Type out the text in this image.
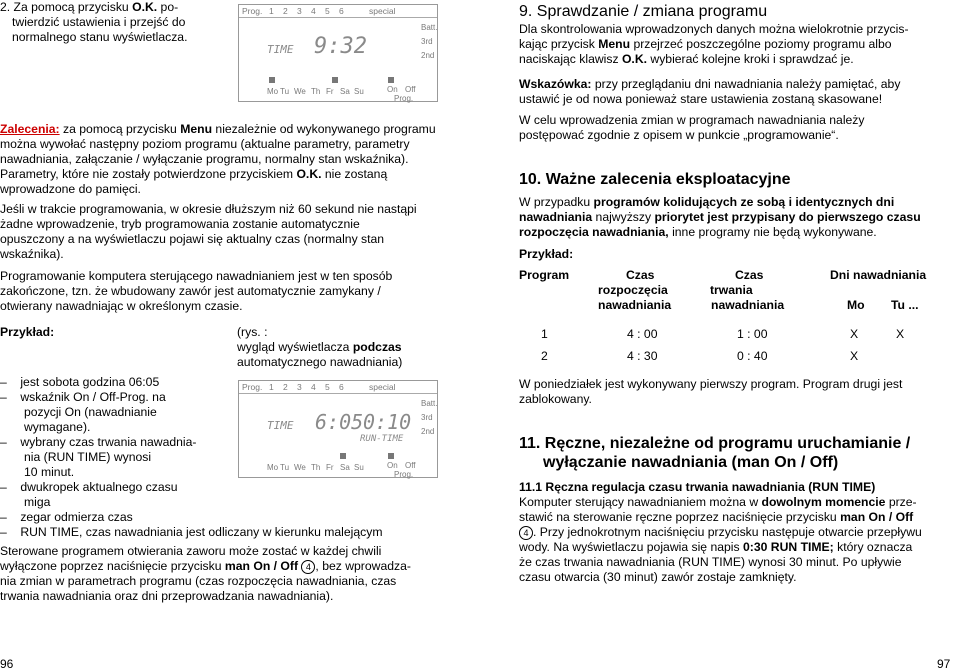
2. Za pomocą przycisku O.K. po-

twierdzić ustawienia i przejść do

normalnego stanu wyświetlacza.

Prog. 1 2 3 4 5 6	special
Batt.
3rd
2nd
TIME 9:32
Mo Tu We Th Fr Sa Su	On Off
Prog.

Zalecenia: za pomocą przycisku Menu niezależnie od wykonywanego programu można wywołać następny poziom programu (aktualne parametry, parametry nawadniania, załączanie / wyłączanie programu, normalny stan wskaźnika). Parametry, które nie zostały potwierdzone przyciskiem O.K. nie zostaną wprowadzone do pamięci.

Jeśli w trakcie programowania, w okresie dłuższym niż 60 sekund nie nastąpi żadne wprowadzenie, tryb programowania zostanie automatycznie opuszczony a na wyświetlaczu pojawi się aktualny czas (normalny stan wskaźnika).

Programowanie komputera sterującego nawadnianiem jest w ten sposób zakończone, tzn. że wbudowany zawór jest automatycznie zamykany / otwierany nawadniając w określonym czasie.

Przykład:	(rys. :

wygląd wyświetlacza podczas

automatycznego nawadniania)

Prog. 1 2 3 4 5 6	special
Batt.
3rd
2nd
TIME 6:05 0:10
RUN-TIME
Mo Tu We Th Fr Sa Su	On Off
Prog.

–    jest sobota godzina 06:05

–    wskaźnik On / Off-Prog. na

pozycji On (nawadnianie

wymagane).

–    wybrany czas trwania nawadnia-

nia (RUN TIME) wynosi

10 minut.

–    dwukropek aktualnego czasu

miga

–    zegar odmierza czas

–    RUN TIME, czas nawadniania jest odliczany w kierunku malejącym

Sterowane programem otwierania zaworu może zostać w każdej chwili

wyłączone poprzez naciśnięcie przycisku man On / Off 4 , bez wprowadza-

nia zmian w parametrach programu (czas rozpoczęcia nawadniania, czas

trwania nawadniania oraz dni przeprowadzania nawadniania).

96

9. Sprawdzanie / zmiana programu

Dla skontrolowania wprowadzonych danych można wielokrotnie przycis-

kając przycisk Menu przejrzeć poszczególne poziomy programu albo

naciskając klawisz O.K. wybierać kolejne kroki i sprawdzać je.

Wskazówka: przy przeglądaniu dni nawadniania należy pamiętać, aby

ustawić je od nowa ponieważ stare ustawienia zostaną skasowane!

W celu wprowadzenia zmian w programach nawadniania należy

postępować zgodnie z opisem w punkcie „programowanie“.

10. Ważne zalecenia eksploatacyjne

W przypadku programów kolidujących ze sobą i identycznych dni

nawadniania najwyższy priorytet jest przypisany do pierwszego czasu

rozpoczęcia nawadniania, inne programy nie będą wykonywane.

Przykład:

Program	Czas	Czas	Dni nawadniania
rozpoczęcia	trwania
nawadniania	nawadniania	Mo Tu ...
1	4 : 00	1 : 00	X	X
2	4 : 30	0 : 40	X

W poniedziałek jest wykonywany pierwszy program. Program drugi jest

zablokowany.

11. Ręczne, niezależne od programu uruchamianie /

wyłączanie nawadniania (man On / Off)

11.1 Ręczna regulacja czasu trwania nawadniania (RUN TIME)

Komputer sterujący nawadnianiem można w dowolnym momencie prze-

stawić na sterowanie ręczne poprzez naciśnięcie przycisku man On / Off

4 . Przy jednokrotnym naciśnięciu przycisku następuje otwarcie przepływu

wody. Na wyświetlaczu pojawia się napis 0:30 RUN TIME; który oznacza

że czas trwania nawadniania (RUN TIME) wynosi 30 minut. Po upływie

czasu otwarcia (30 minut) zawór zostaje zamknięty.

97
